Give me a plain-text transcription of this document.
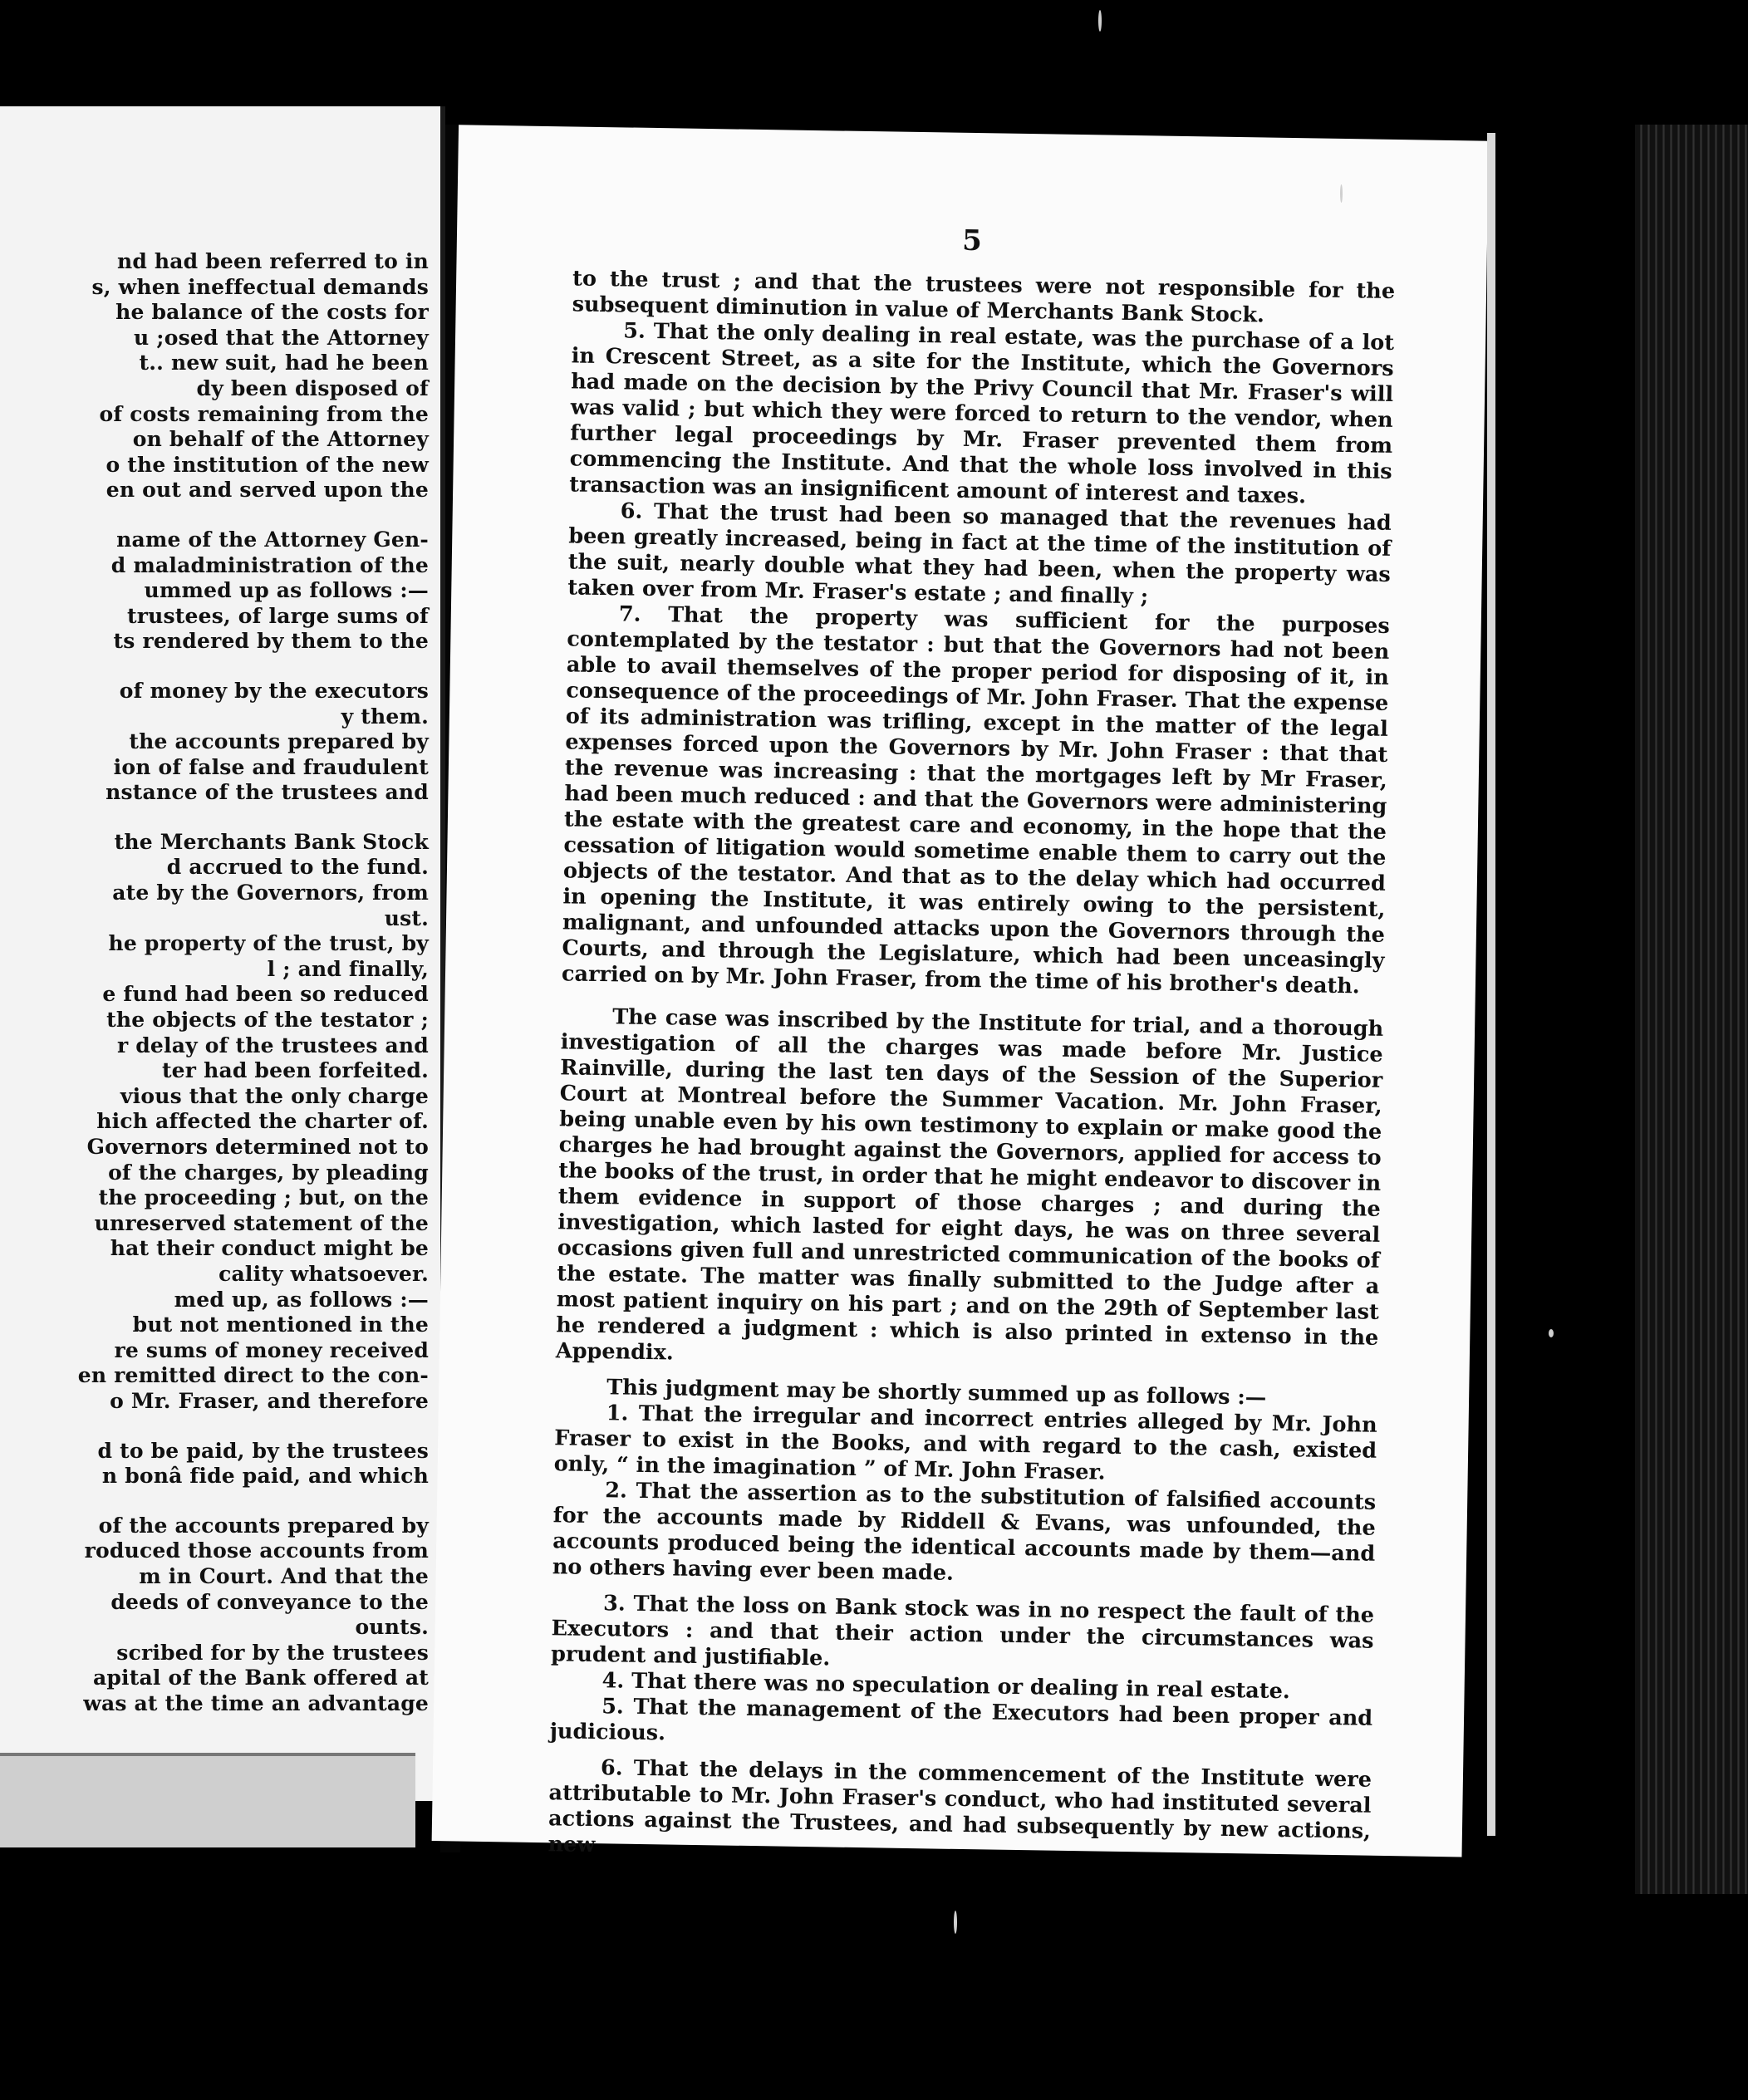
nd had been referred to in
s, when ineffectual demands
he balance of the costs for
u ;osed that the Attorney
t.. new suit, had he been
dy been disposed of
of costs remaining from the
on behalf of the Attorney
o the institution of the new
en out and served upon the
name of the Attorney Gen-
d maladministration of the
ummed up as follows :—
trustees, of large sums of
ts rendered by them to the
of money by the executors
y them.
the accounts prepared by
ion of false and fraudulent
nstance of the trustees and
the Merchants Bank Stock
d accrued to the fund.
ate by the Governors, from
ust.
he property of the trust, by
l ; and finally,
e fund had been so reduced
the objects of the testator ;
r delay of the trustees and
ter had been forfeited.
vious that the only charge
hich affected the charter of.
Governors determined not to
of the charges, by pleading
the proceeding ; but, on the
unreserved statement of the
hat their conduct might be
cality whatsoever.
med up, as follows :—
but not mentioned in the
re sums of money received
en remitted direct to the con-
o Mr. Fraser, and therefore
d to be paid, by the trustees
n bonâ fide paid, and which
of the accounts prepared by
roduced those accounts from
m in Court. And that the
deeds of conveyance to the
ounts.
scribed for by the trustees
apital of the Bank offered at
was at the time an advantage
5

to the trust ; and that the trustees were not responsible for the subsequent diminution in value of Merchants Bank Stock.

5. That the only dealing in real estate, was the purchase of a lot in Crescent Street, as a site for the Institute, which the Governors had made on the decision by the Privy Council that Mr. Fraser's will was valid ; but which they were forced to return to the vendor, when further legal proceedings by Mr. Fraser prevented them from commencing the Institute. And that the whole loss involved in this transaction was an insignificent amount of interest and taxes.

6. That the trust had been so managed that the revenues had been greatly increased, being in fact at the time of the institution of the suit, nearly double what they had been, when the property was taken over from Mr. Fraser's estate ; and finally ;

7. That the property was sufficient for the purposes contemplated by the testator : but that the Governors had not been able to avail themselves of the proper period for disposing of it, in consequence of the proceedings of Mr. John Fraser. That the expense of its administration was trifling, except in the matter of the legal expenses forced upon the Governors by Mr. John Fraser : that that the revenue was increasing : that the mortgages left by Mr Fraser, had been much reduced : and that the Governors were administering the estate with the greatest care and economy, in the hope that the cessation of litigation would sometime enable them to carry out the objects of the testator. And that as to the delay which had occurred in opening the Institute, it was entirely owing to the persistent, malignant, and unfounded attacks upon the Governors through the Courts, and through the Legislature, which had been unceasingly carried on by Mr. John Fraser, from the time of his brother's death.

The case was inscribed by the Institute for trial, and a thorough investigation of all the charges was made before Mr. Justice Rainville, during the last ten days of the Session of the Superior Court at Montreal before the Summer Vacation. Mr. John Fraser, being unable even by his own testimony to explain or make good the charges he had brought against the Governors, applied for access to the books of the trust, in order that he might endeavor to discover in them evidence in support of those charges ; and during the investigation, which lasted for eight days, he was on three several occasions given full and unrestricted communication of the books of the estate. The matter was finally submitted to the Judge after a most patient inquiry on his part ; and on the 29th of September last he rendered a judgment : which is also printed in extenso in the Appendix.

This judgment may be shortly summed up as follows :—

1. That the irregular and incorrect entries alleged by Mr. John Fraser to exist in the Books, and with regard to the cash, existed only, “ in the imagination ” of Mr. John Fraser.

2. That the assertion as to the substitution of falsified accounts for the accounts made by Riddell & Evans, was unfounded, the accounts produced being the identical accounts made by them—and no others having ever been made.

3. That the loss on Bank stock was in no respect the fault of the Executors : and that their action under the circumstances was prudent and justifiable.

4. That there was no speculation or dealing in real estate.

5. That the management of the Executors had been proper and judicious.

6. That the delays in the commencement of the Institute were attributable to Mr. John Fraser's conduct, who had instituted several actions against the Trustees, and had subsequently by new actions, new
